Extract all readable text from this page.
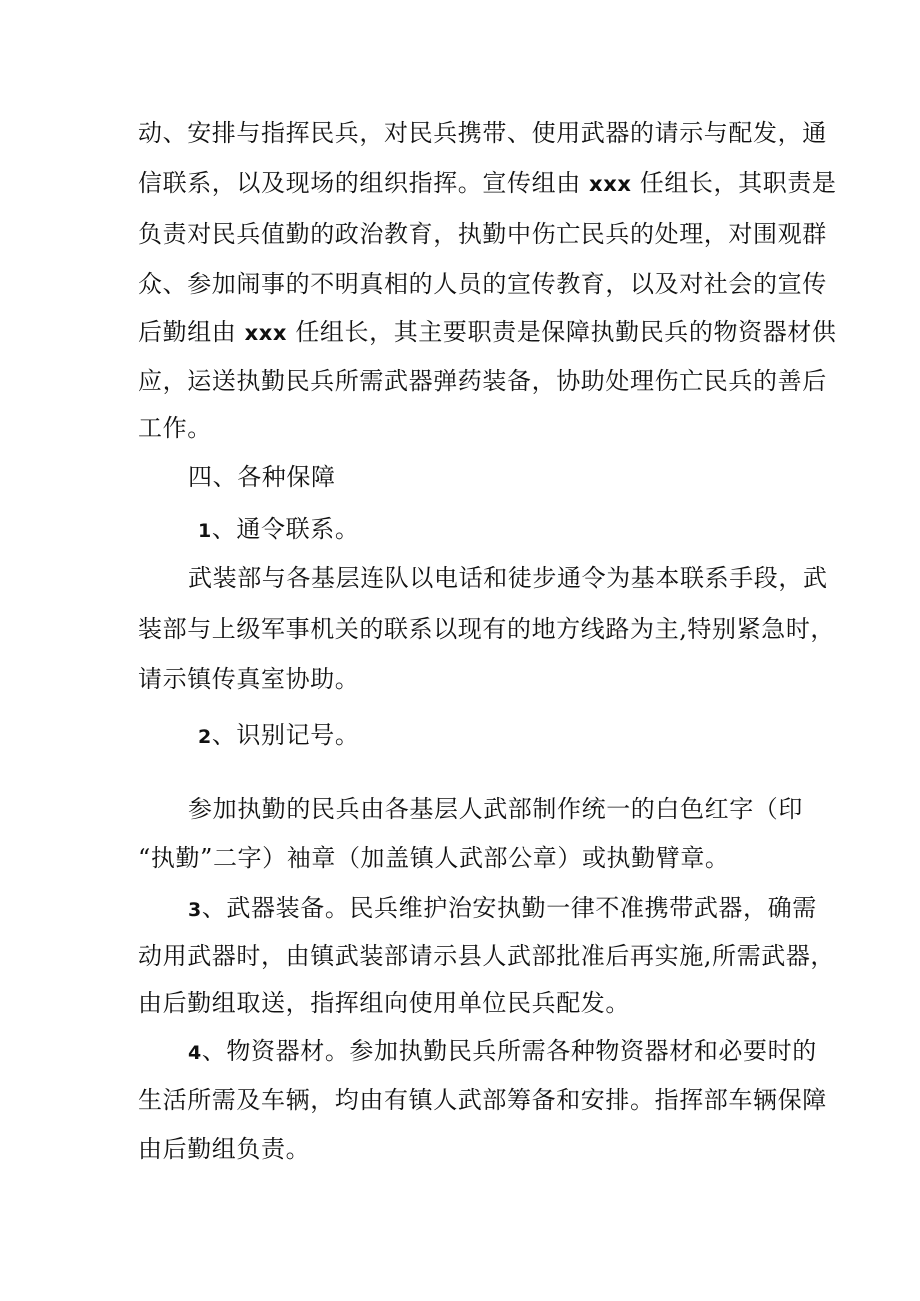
动、安排与指挥民兵，对民兵携带、使用武器的请示与配发，通
信联系，以及现场的组织指挥。宣传组由 xxx 任组长，其职责是
负责对民兵值勤的政治教育，执勤中伤亡民兵的处理，对围观群
众、参加闹事的不明真相的人员的宣传教育，以及对社会的宣传
后勤组由 xxx 任组长，其主要职责是保障执勤民兵的物资器材供
应，运送执勤民兵所需武器弹药装备，协助处理伤亡民兵的善后
工作。
四、各种保障
1、通令联系。
武装部与各基层连队以电话和徒步通令为基本联系手段，武
装部与上级军事机关的联系以现有的地方线路为主,特别紧急时，
请示镇传真室协助。
2、识别记号。
参加执勤的民兵由各基层人武部制作统一的白色红字（印
“执勤”二字）袖章（加盖镇人武部公章）或执勤臂章。
3、武器装备。民兵维护治安执勤一律不准携带武器，确需
动用武器时，由镇武装部请示县人武部批准后再实施,所需武器，
由后勤组取送，指挥组向使用单位民兵配发。
4、物资器材。参加执勤民兵所需各种物资器材和必要时的
生活所需及车辆，均由有镇人武部筹备和安排。指挥部车辆保障
由后勤组负责。
